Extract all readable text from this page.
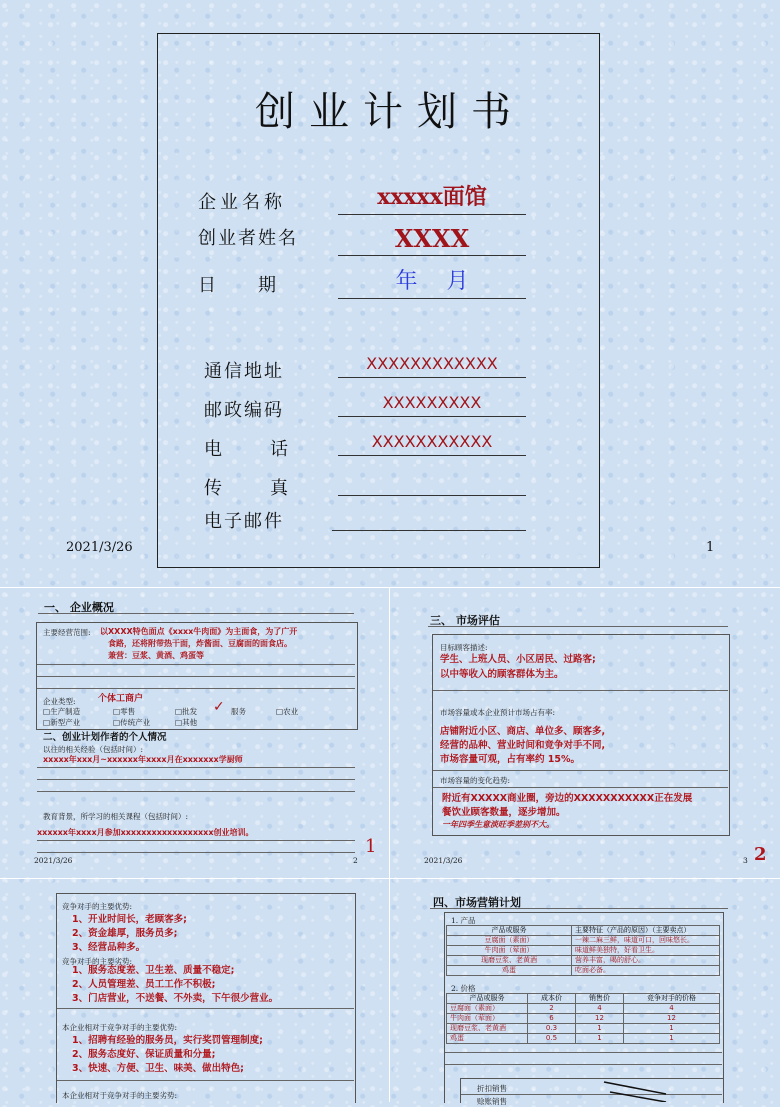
创业计划书
企业名称	xxxxx面馆
创业者姓名	XXXX
日　　期	年　 月
通信地址	XXXXXXXXXXXX
邮政编码	XXXXXXXXX
电　　话	XXXXXXXXXXX
传　　真
电子邮件
2021/3/26	1
一、 企业概况
主要经营范围: 以XXXX特色面点《xxxx牛肉面》为主面食，为了广开
食路，还将附带热干面，炸酱面、豆腐面的面食店。
兼营：豆浆、黄酒、鸡蛋等
企业类型: 个体工商户
□生产制造	□零售	□批发 ✓ 服务	□农业
□新型产业	□传统产业	□其他
二、创业计划作者的个人情况
以往的相关经验（包括时间）:
xxxxx年xxx月~xxxxxx年xxxx月在xxxxxxx学厨师
教育背景，所学习的相关课程（包括时间）:
xxxxxx年xxxx月参加xxxxxxxxxxxxxxxxxx创业培训。
2021/3/26	2
1
三、 市场评估
目标顾客描述:
学生、上班人员、小区居民、过路客;
以中等收入的顾客群体为主。
市场容量或本企业预计市场占有率:
店铺附近小区、商店、单位多、顾客多,
经营的品种、营业时间和竞争对手不同,
市场容量可观，占有率约 15%。
市场容量的变化趋势:
附近有XXXXX商业圈，旁边的XXXXXXXXXXX正在发展
餐饮业顾客数量，逐步增加。
一年四季生意淡旺季差别不大。
2021/3/26	3 2
竞争对手的主要优势:
1、开业时间长，老顾客多;
2、资金雄厚，服务员多;
3、经营品种多。
竞争对手的主要劣势:
1、服务态度差、卫生差、质量不稳定;
2、人员管理差、员工工作不积极;
3、门店营业，不送餐、不外卖，下午很少营业。
本企业相对于竞争对手的主要优势:
1、招聘有经验的服务员，实行奖罚管理制度;
2、服务态度好、保证质量和分量;
3、快速、方便、卫生、味美、做出特色;
本企业相对于竞争对手的主要劣势:
四、市场营销计划
1. 产品
产品或服务	主要特征（产品的原因）（主要卖点）
豆腐面（素面）	一辣二麻三鲜，味道可口，回味悠长。
牛肉面（荤面）	味道鲜美独特，好看卫生。
现磨豆浆、老黄酒	营养丰富，喝的舒心。
鸡蛋	吃面必备。
2. 价格
产品或服务	成本价	销售价	竞争对手的价格
豆腐面（素面）	2	4	4
牛肉面（荤面）	6	12	12
现磨豆浆、老黄酒	0.3	1	1
鸡蛋	0.5	1	1
折扣销售
赊账销售
